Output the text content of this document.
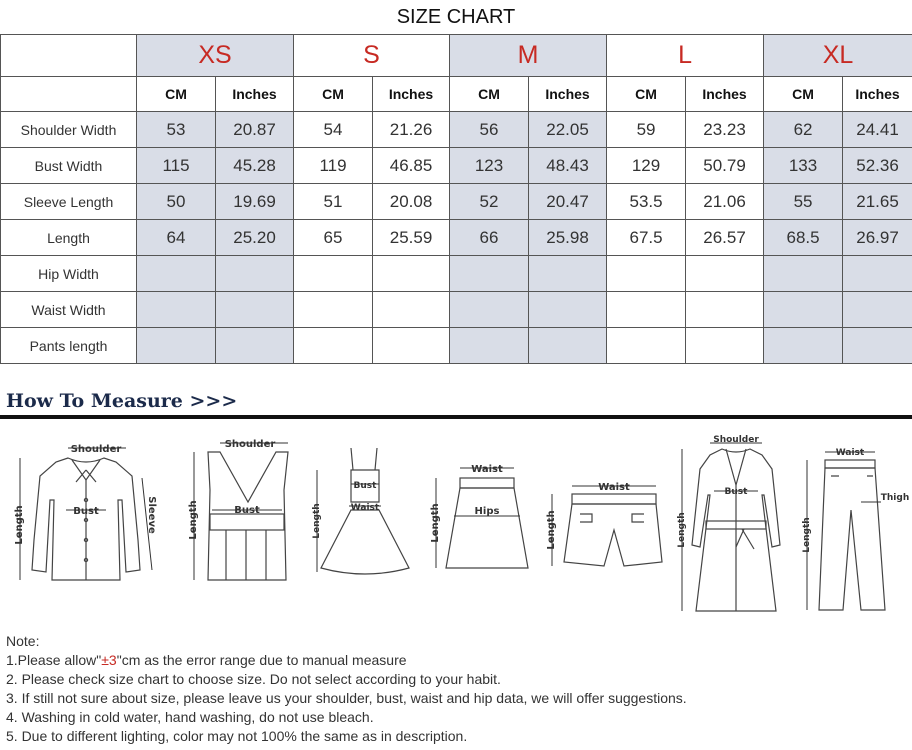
SIZE CHART
	XS		S		M		L		XL	
	CM	Inches	CM	Inches	CM	Inches	CM	Inches	CM	Inches
Shoulder Width	53	20.87	54	21.26	56	22.05	59	23.23	62	24.41
Bust Width	115	45.28	119	46.85	123	48.43	129	50.79	133	52.36
Sleeve Length	50	19.69	51	20.08	52	20.47	53.5	21.06	55	21.65
Length	64	25.20	65	25.59	66	25.98	67.5	26.57	68.5	26.97
Hip Width										
Waist Width										
Pants length										
How To Measure >>>
Shoulder
Bust
Length	Sleeve
Shoulder
Bust
Length
Bust
Waist
Length
Waist
Hips
Length
Waist
Length
Shoulder
Bust
Length
Waist
Thigh
Length
Note:
1.Please allow"±3"cm as the error range due to manual measure
2. Please check size chart to choose size. Do not select according to your habit.
3. If still not sure about size, please leave us your shoulder, bust, waist and hip data, we will offer suggestions.
4. Washing in cold water, hand washing, do not use bleach.
5. Due to different lighting, color may not 100% the same as in description.
